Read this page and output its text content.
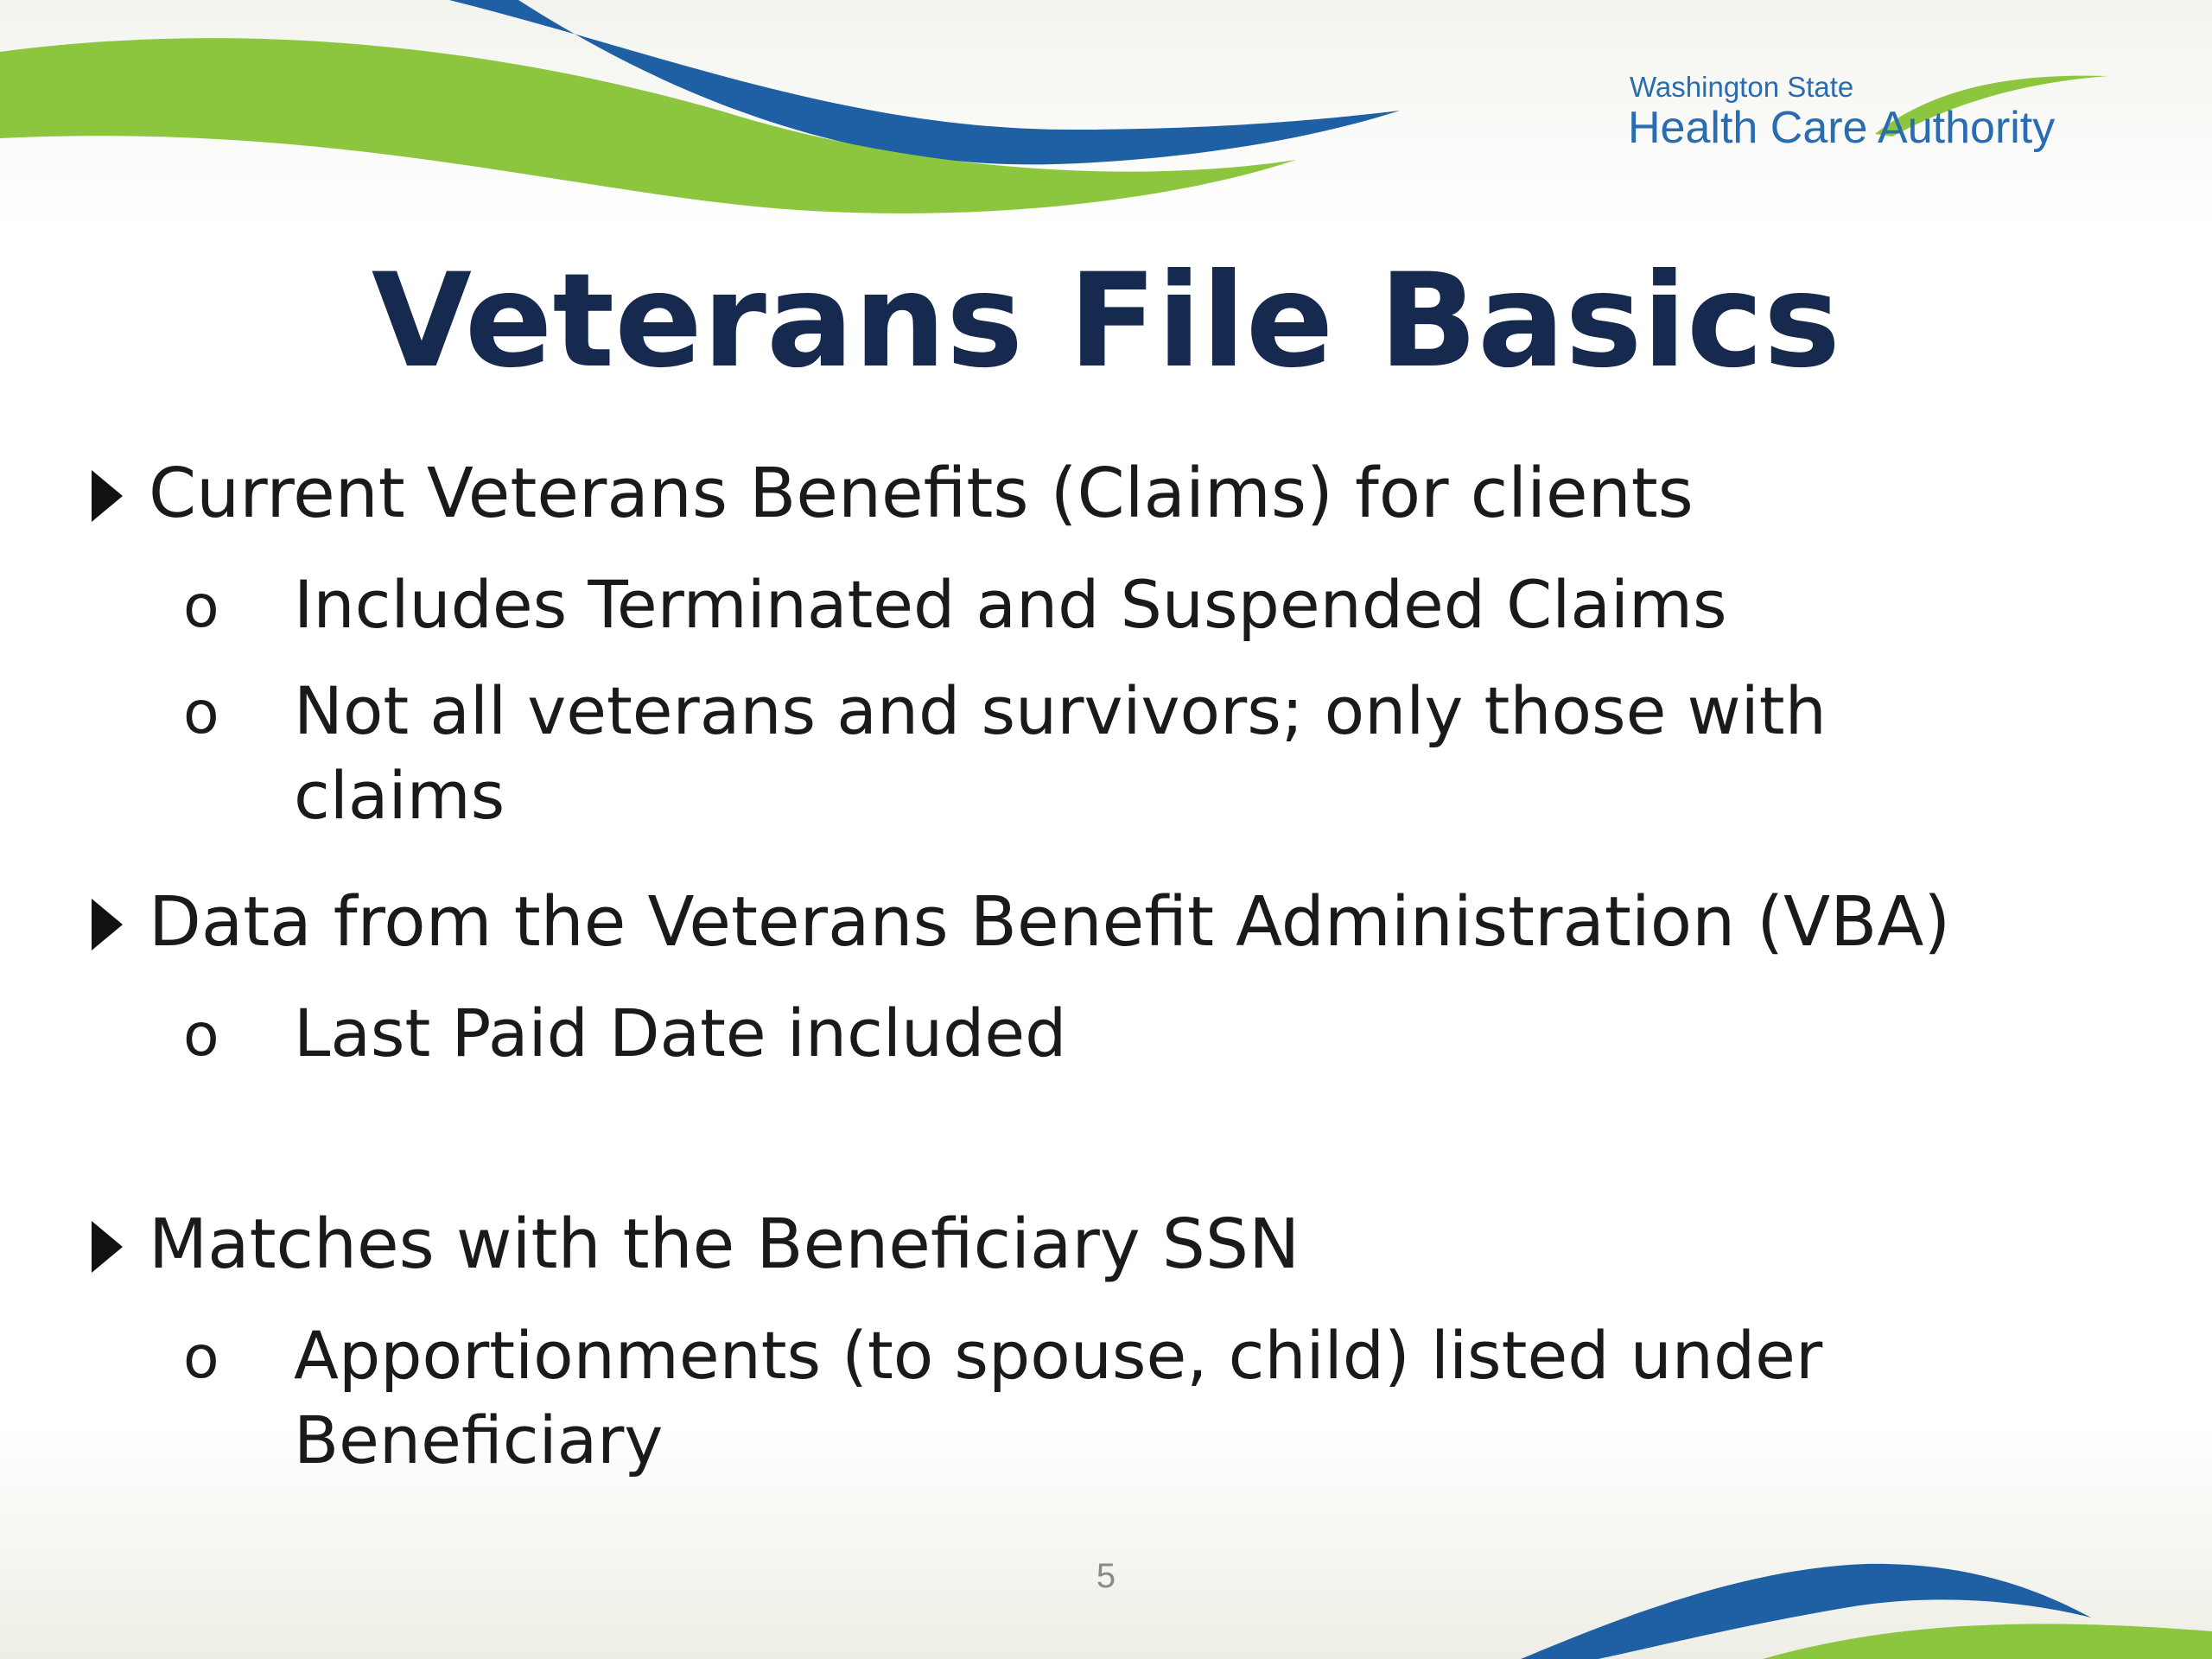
Washington State
Health Care Authority
Veterans File Basics
Current Veterans Benefits (Claims) for clients
o Includes Terminated and Suspended Claims
o Not all veterans and survivors; only those with claims
Data from the Veterans Benefit Administration (VBA)
o Last Paid Date included
Matches with the Beneficiary SSN
o Apportionments (to spouse, child) listed under Beneficiary
5
